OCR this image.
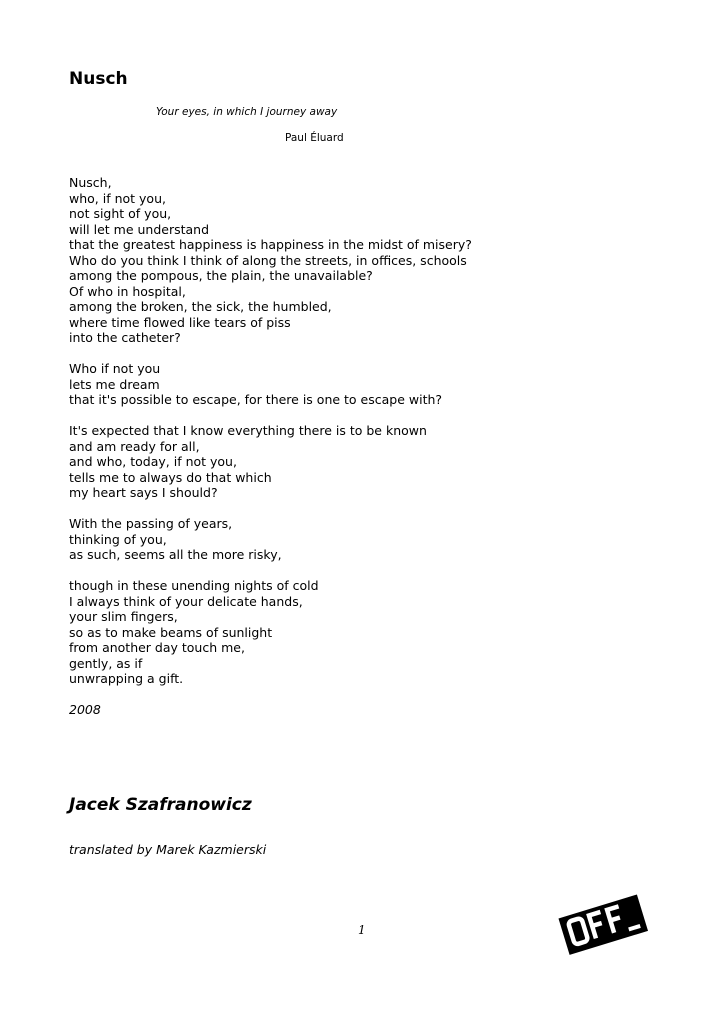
Nusch
Your eyes, in which I journey away
Paul Éluard
Nusch,
who, if not you,
not sight of you,
will let me understand
that the greatest happiness is happiness in the midst of misery?
Who do you think I think of along the streets, in offices, schools
among the pompous, the plain, the unavailable?
Of who in hospital,
among the broken, the sick, the humbled,
where time flowed like tears of piss
into the catheter?
Who if not you
lets me dream
that it's possible to escape, for there is one to escape with?
It's expected that I know everything there is to be known
and am ready for all,
and who, today, if not you,
tells me to always do that which
my heart says I should?
With the passing of years,
thinking of you,
as such, seems all the more risky,
though in these unending nights of cold
I always think of your delicate hands,
your slim fingers,
so as to make beams of sunlight
from another day touch me,
gently, as if
unwrapping a gift.
2008
Jacek Szafranowicz
translated by Marek Kazmierski
1
